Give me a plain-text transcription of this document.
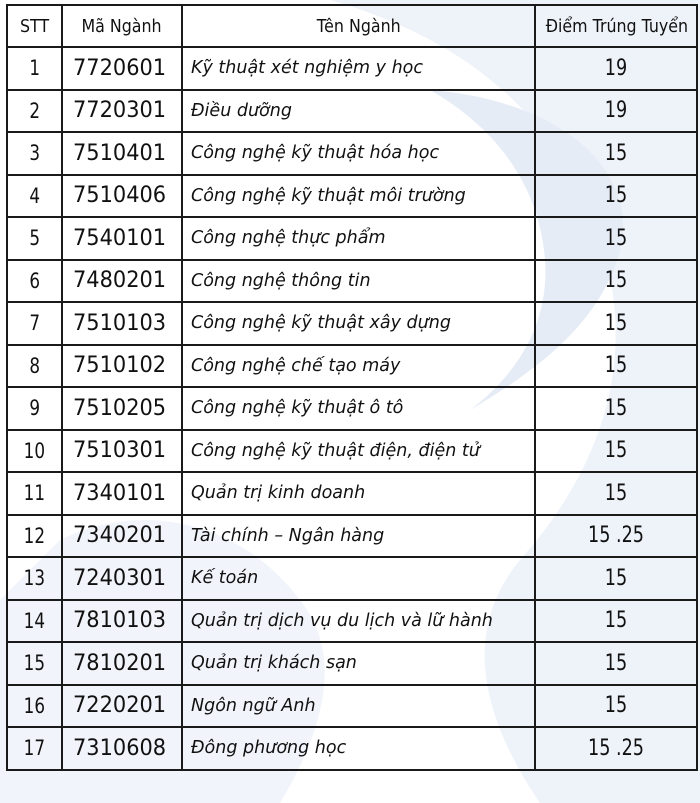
STT	Mã Ngành	Tên Ngành	Điểm Trúng Tuyển
1	7720601	Kỹ thuật xét nghiệm y học	19
2	7720301	Điều dưỡng	19
3	7510401	Công nghệ kỹ thuật hóa học	15
4	7510406	Công nghệ kỹ thuật môi trường	15
5	7540101	Công nghệ thực phẩm	15
6	7480201	Công nghệ thông tin	15
7	7510103	Công nghệ kỹ thuật xây dựng	15
8	7510102	Công nghệ chế tạo máy	15
9	7510205	Công nghệ kỹ thuật ô tô	15
10	7510301	Công nghệ kỹ thuật điện, điện tử	15
11	7340101	Quản trị kinh doanh	15
12	7340201	Tài chính – Ngân hàng	15 .25
13	7240301	Kế toán	15
14	7810103	Quản trị dịch vụ du lịch và lữ hành	15
15	7810201	Quản trị khách sạn	15
16	7220201	Ngôn ngữ Anh	15
17	7310608	Đông phương học	15 .25
